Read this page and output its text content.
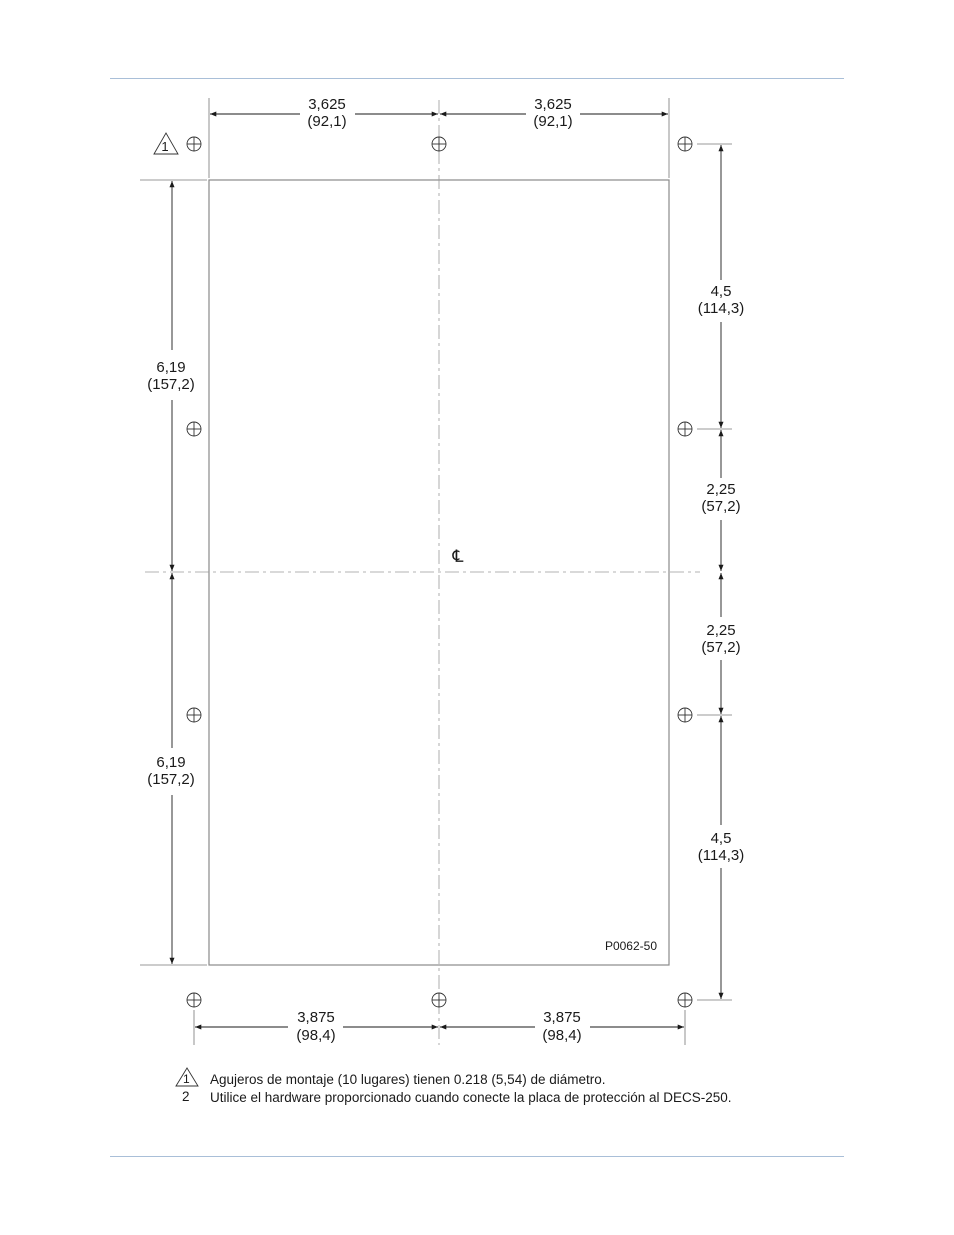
℄
1
3,625
(92,1)
3,625
(92,1)
3,875
(98,4)
3,875
(98,4)
6,19
(157,2)
6,19
(157,2)
4,5
(114,3)
2,25
(57,2)
2,25
(57,2)
4,5
(114,3)
P0062-50
1 Agujeros de montaje (10 lugares) tienen 0.218 (5,54) de diámetro.
2 Utilice el hardware proporcionado cuando conecte la placa de protección al DECS-250.
